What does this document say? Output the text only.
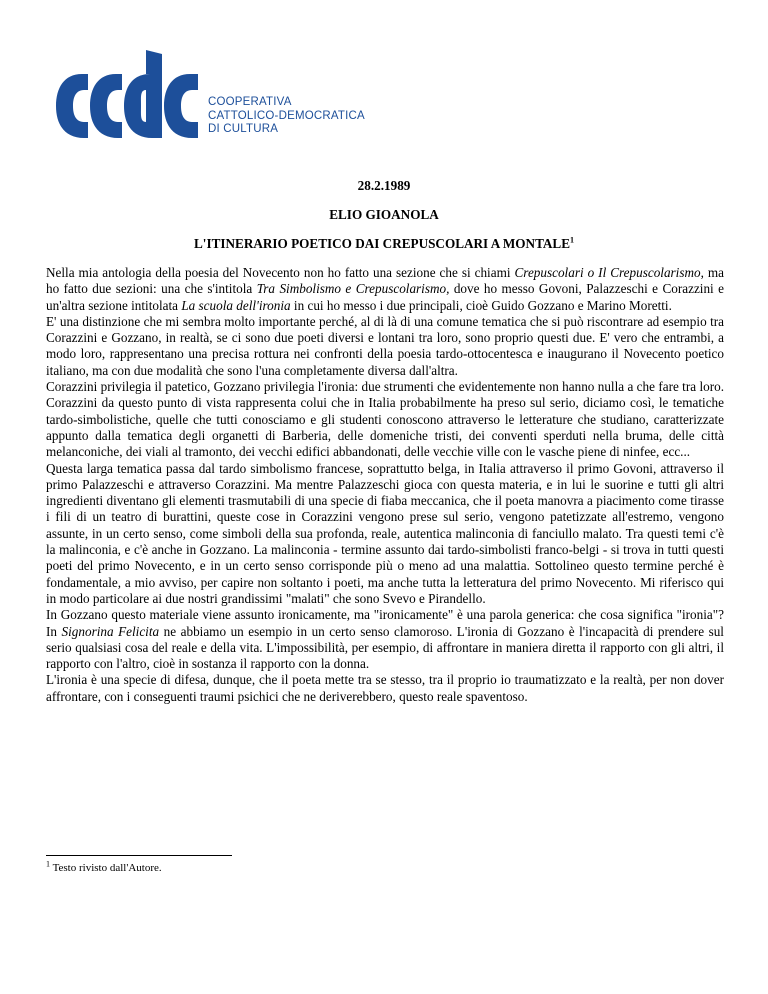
COOPERATIVA
CATTOLICO-DEMOCRATICA
DI CULTURA
28.2.1989
ELIO GIOANOLA
L'ITINERARIO POETICO DAI CREPUSCOLARI A MONTALE$^1$

Nella mia antologia della poesia del Novecento non ho fatto una sezione che si chiami Crepuscolari o Il Crepuscolarismo, ma ho fatto due sezioni: una che s'intitola Tra Simbolismo e Crepuscolarismo, dove ho messo Govoni, Palazzeschi e Corazzini e un'altra sezione intitolata La scuola dell'ironia in cui ho messo i due principali, cioè Guido Gozzano e Marino Moretti.

E' una distinzione che mi sembra molto importante perché, al di là di una comune tematica che si può riscontrare ad esempio tra Corazzini e Gozzano, in realtà, se ci sono due poeti diversi e lontani tra loro, sono proprio questi due. E' vero che entrambi, a modo loro, rappresentano una precisa rottura nei confronti della poesia tardo-ottocentesca e inaugurano il Novecento poetico italiano, ma con due modalità che sono l'una completamente diversa dall'altra.

Corazzini privilegia il patetico, Gozzano privilegia l'ironia: due strumenti che evidentemente non hanno nulla a che fare tra loro. Corazzini da questo punto di vista rappresenta colui che in Italia probabilmente ha preso sul serio, diciamo così, le tematiche tardo-simbolistiche, quelle che tutti conosciamo e gli studenti conoscono attraverso le letterature che studiano, caratterizzate appunto dalla tematica degli organetti di Barberia, delle domeniche tristi, dei conventi sperduti nella bruma, delle città melanconiche, dei viali al tramonto, dei vecchi edifici abbandonati, delle vecchie ville con le vasche piene di ninfee, ecc...

Questa larga tematica passa dal tardo simbolismo francese, soprattutto belga, in Italia attraverso il primo Govoni, attraverso il primo Palazzeschi e attraverso Corazzini. Ma mentre Palazzeschi gioca con questa materia, e in lui le suorine e tutti gli altri ingredienti diventano gli elementi trasmutabili di una specie di fiaba meccanica, che il poeta manovra a piacimento come tirasse i fili di un teatro di burattini, queste cose in Corazzini vengono prese sul serio, vengono patetizzate all'estremo, vengono assunte, in un certo senso, come simboli della sua profonda, reale, autentica malinconia di fanciullo malato. Tra questi temi c'è la malinconia, e c'è anche in Gozzano. La malinconia - termine assunto dai tardo-simbolisti franco-belgi - si trova in tutti questi poeti del primo Novecento, e in un certo senso corrisponde più o meno ad una malattia. Sottolineo questo termine perché è fondamentale, a mio avviso, per capire non soltanto i poeti, ma anche tutta la letteratura del primo Novecento. Mi riferisco qui in modo particolare ai due nostri grandissimi "malati" che sono Svevo e Pirandello.

In Gozzano questo materiale viene assunto ironicamente, ma "ironicamente" è una parola generica: che cosa significa "ironia"? In Signorina Felicita ne abbiamo un esempio in un certo senso clamoroso. L'ironia di Gozzano è l'incapacità di prendere sul serio qualsiasi cosa del reale e della vita. L'impossibilità, per esempio, di affrontare in maniera diretta il rapporto con gli altri, il rapporto con l'altro, cioè in sostanza il rapporto con la donna.

L'ironia è una specie di difesa, dunque, che il poeta mette tra se stesso, tra il proprio io traumatizzato e la realtà, per non dover affrontare, con i conseguenti traumi psichici che ne deriverebbero, questo reale spaventoso.

$^1$ Testo rivisto dall'Autore.
